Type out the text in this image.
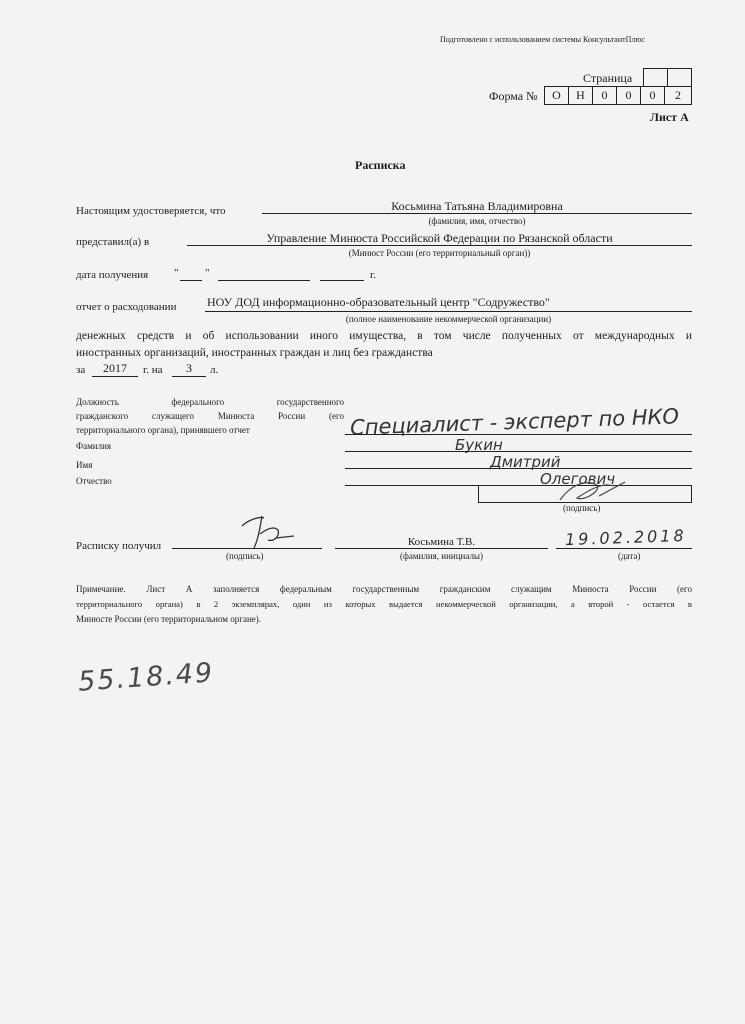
Подготовлено с использованием системы КонсультантПлюс
Страница
Форма №	О	Н	0	0	0	2
Лист А
Расписка
Настоящим удостоверяется, что	Косьмина Татьяна Владимировна
(фамилия, имя, отчество)
представил(а) в	Управление Минюста Российской Федерации по Рязанской области
(Минюст России (его территориальный орган))
дата получения " "	г.
отчет о расходовании	НОУ ДОД информационно-образовательный центр "Содружество"
(полное наименование некоммерческой организации)
денежных средств и об использовании иного имущества, в том числе полученных от международных и
иностранных организаций, иностранных граждан и лиц без гражданства
за	2017	г. на	3	л.
Должность	федерального	государственного
гражданского	служащего	Минюста	России	(его
территориального органа), принявшего отчет	Специалист - эксперт по НКО
Фамилия	Букин
Имя	Дмитрий
Отчество	Олегович
(подпись)
Расписку получил
(подпись)
Косьмина Т.В.
(фамилия, инициалы)
19.02.2018
(дата)
Примечание. Лист А заполняется федеральным государственным гражданским служащим Минюста России (его
территориального органа) в 2 экземплярах, один из которых выдается некоммерческой организации, а второй - остается в
Минюсте России (его территориальном органе).
55.18.49
